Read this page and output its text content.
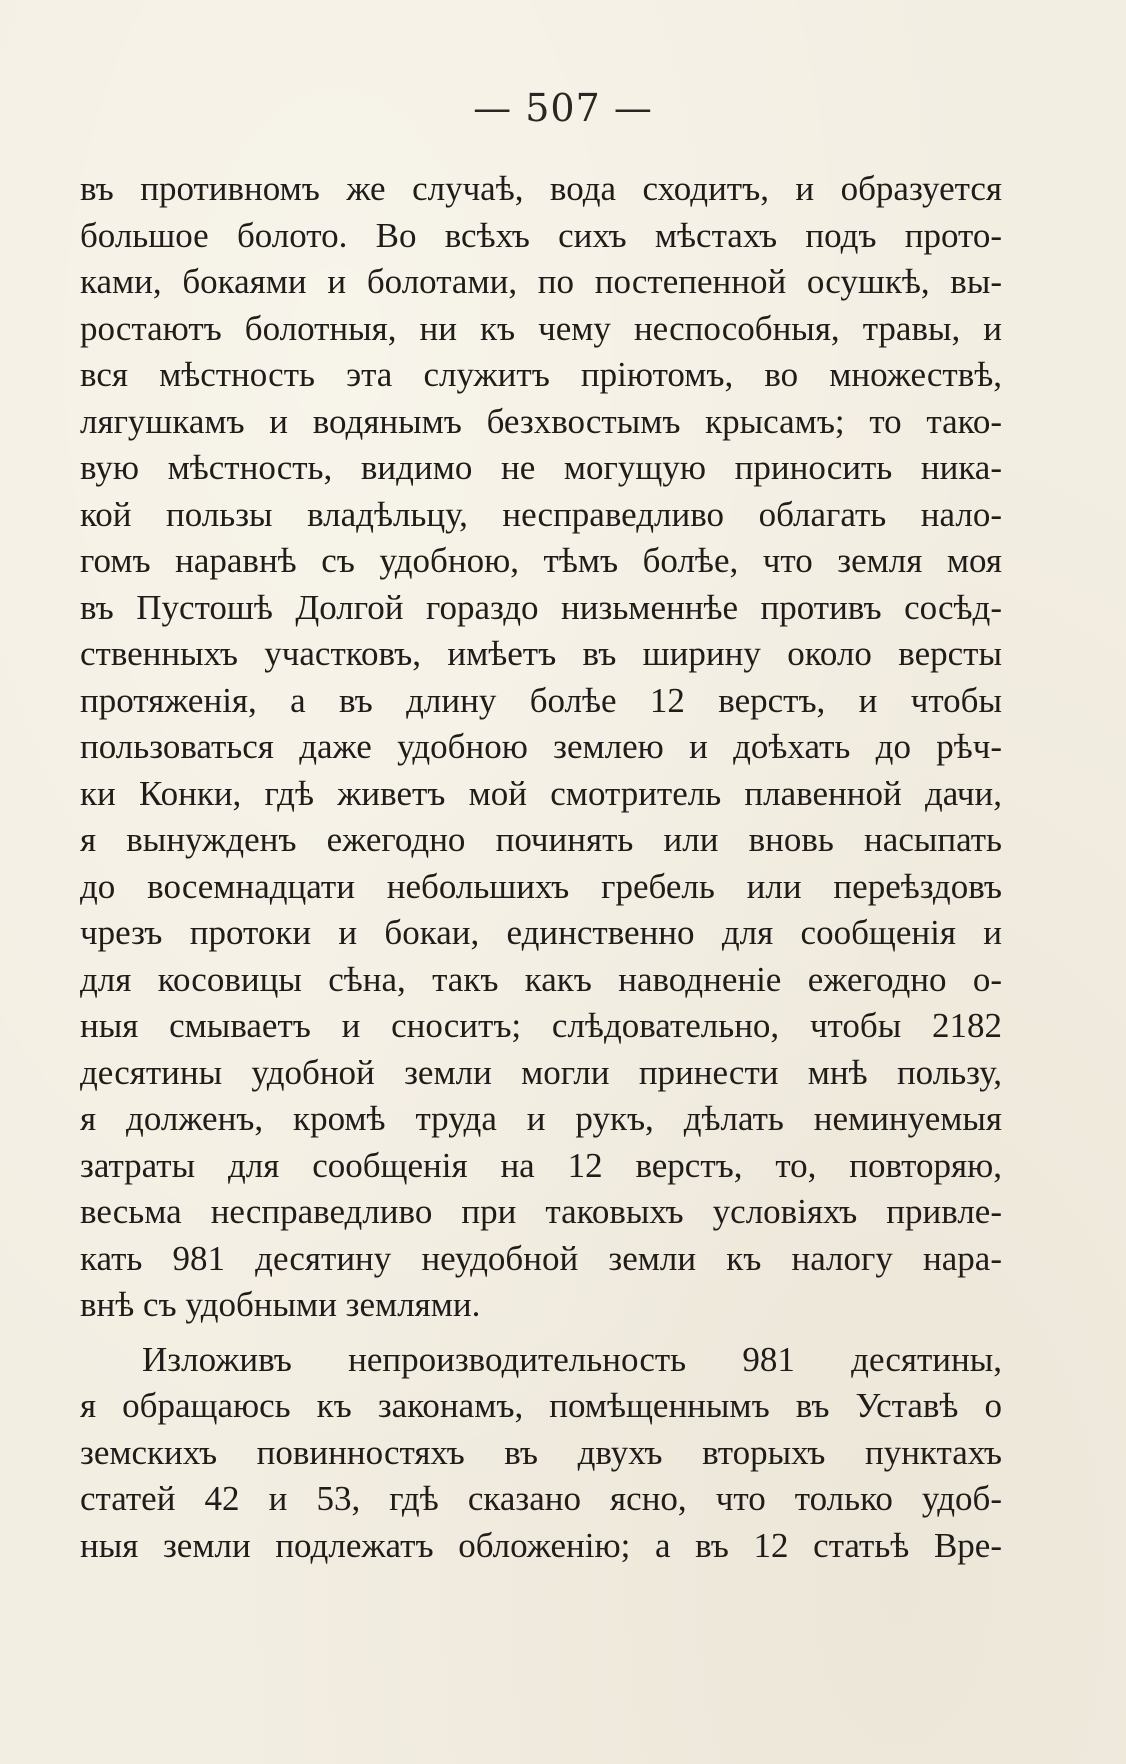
— 507 —
въ противномъ же случаѣ, вода сходитъ, и образуется
большое болото. Во всѣхъ сихъ мѣстахъ подъ прото-
ками, бокаями и болотами, по постепенной осушкѣ, вы-
ростаютъ болотныя, ни къ чему неспособныя, травы, и
вся мѣстность эта служитъ пріютомъ, во множествѣ,
лягушкамъ и водянымъ безхвостымъ крысамъ; то тако-
вую мѣстность, видимо не могущую приносить ника-
кой пользы владѣльцу, несправедливо облагать нало-
гомъ наравнѣ съ удобною, тѣмъ болѣе, что земля моя
въ Пустошѣ Долгой гораздо низьменнѣе противъ сосѣд-
ственныхъ участковъ, имѣетъ въ ширину около версты
протяженія, а въ длину болѣе 12 верстъ, и чтобы
пользоваться даже удобною землею и доѣхать до рѣч-
ки Конки, гдѣ живетъ мой смотритель плавенной дачи,
я вынужденъ ежегодно починять или вновь насыпать
до восемнадцати небольшихъ гребель или переѣздовъ
чрезъ протоки и бокаи, единственно для сообщенія и
для косовицы сѣна, такъ какъ наводненіе ежегодно о-
ныя смываетъ и сноситъ; слѣдовательно, чтобы 2182
десятины удобной земли могли принести мнѣ пользу,
я долженъ, кромѣ труда и рукъ, дѣлать неминуемыя
затраты для сообщенія на 12 верстъ, то, повторяю,
весьма несправедливо при таковыхъ условіяхъ привле-
кать 981 десятину неудобной земли къ налогу нара-
внѣ съ удобными землями.
Изложивъ непроизводительность 981 десятины,
я обращаюсь къ законамъ, помѣщеннымъ въ Уставѣ о
земскихъ повинностяхъ въ двухъ вторыхъ пунктахъ
статей 42 и 53, гдѣ сказано ясно, что только удоб-
ныя земли подлежатъ обложенію; а въ 12 статьѣ Вре-
